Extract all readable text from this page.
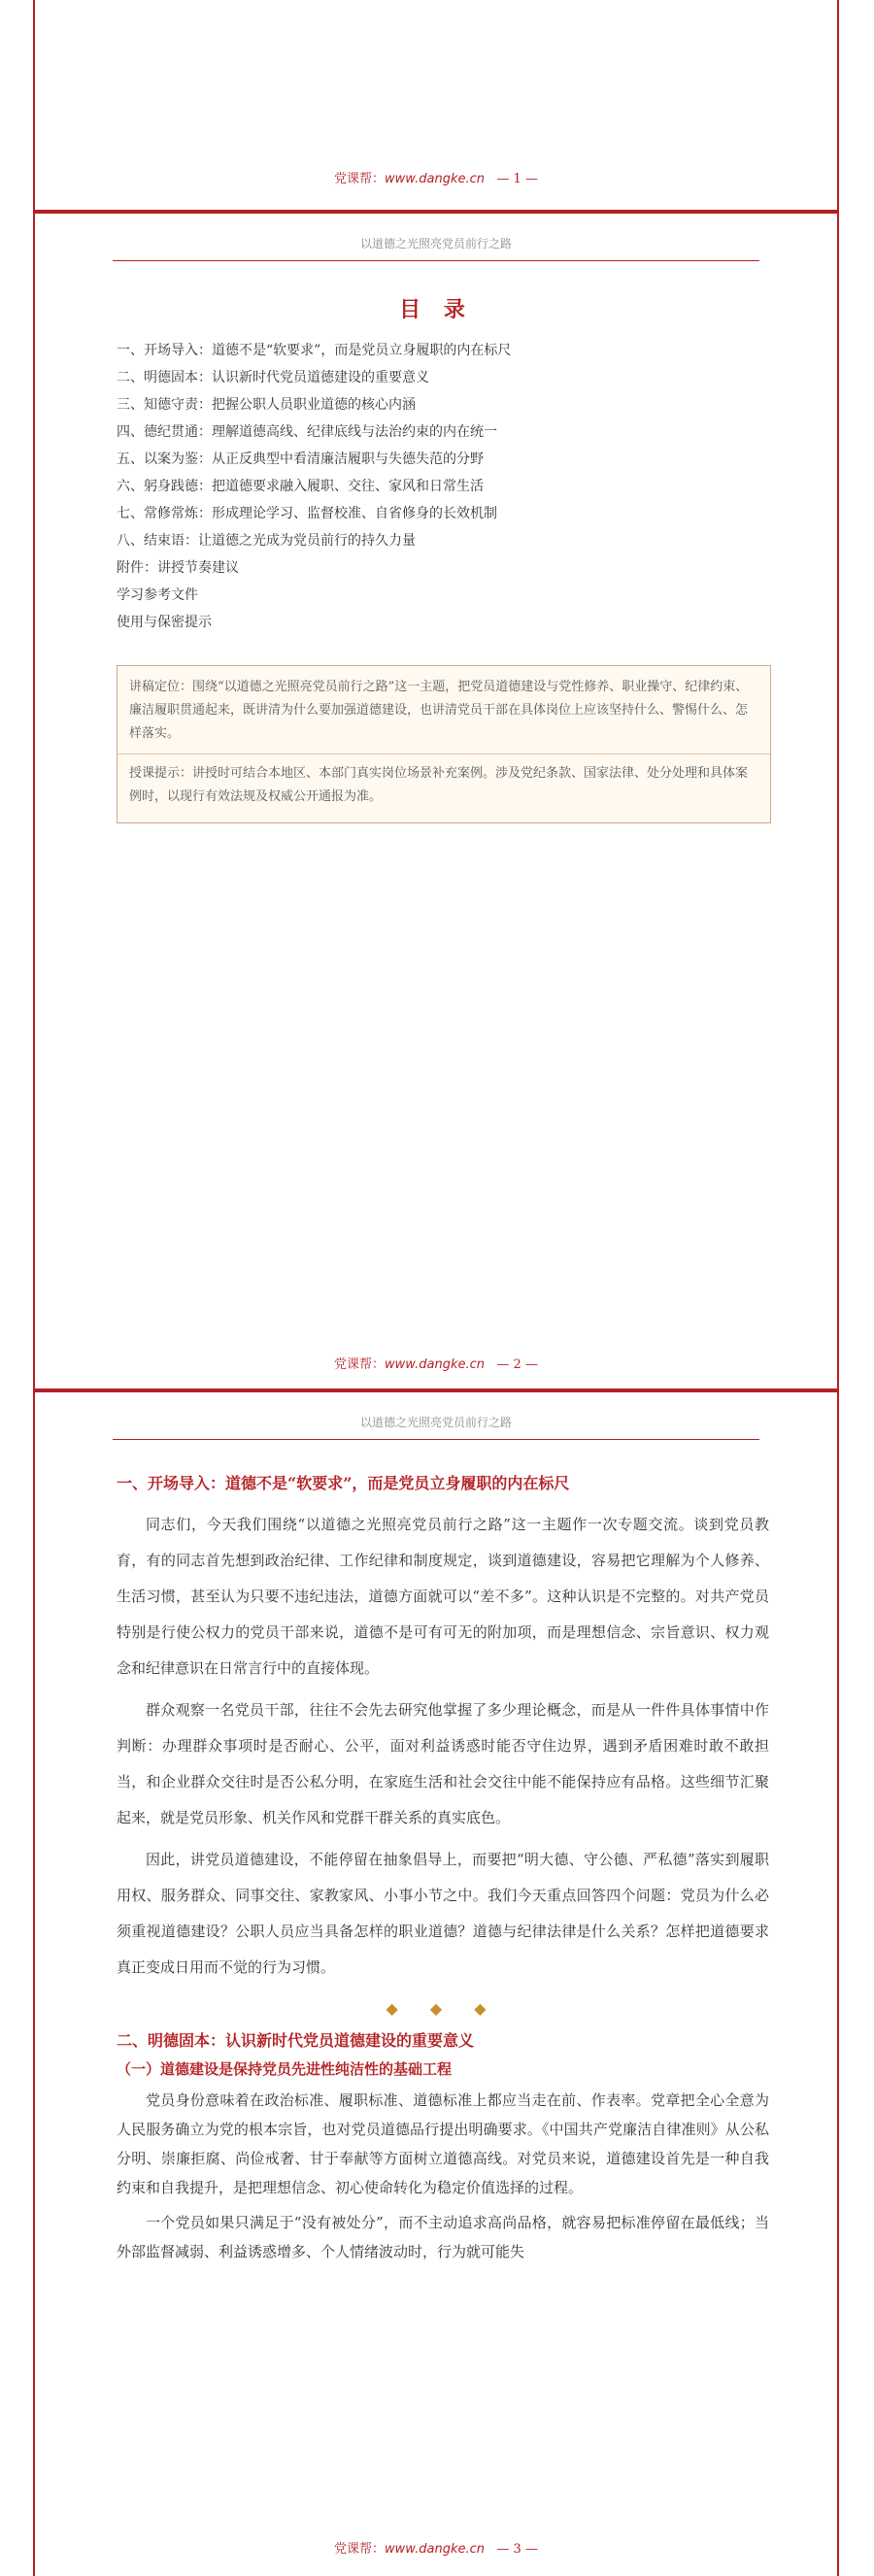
党课帮：www.dangke.cn — 1 —
以道德之光照亮党员前行之路
目 录
一、开场导入：道德不是“软要求”，而是党员立身履职的内在标尺
二、明德固本：认识新时代党员道德建设的重要意义
三、知德守责：把握公职人员职业道德的核心内涵
四、德纪贯通：理解道德高线、纪律底线与法治约束的内在统一
五、以案为鉴：从正反典型中看清廉洁履职与失德失范的分野
六、躬身践德：把道德要求融入履职、交往、家风和日常生活
七、常修常炼：形成理论学习、监督校准、自省修身的长效机制
八、结束语：让道德之光成为党员前行的持久力量
附件：讲授节奏建议
学习参考文件
使用与保密提示
讲稿定位：围绕“以道德之光照亮党员前行之路”这一主题，把党员道德建设与党性修养、职业操守、纪律约束、廉洁履职贯通起来，既讲清为什么要加强道德建设，也讲清党员干部在具体岗位上应该坚持什么、警惕什么、怎样落实。
授课提示：讲授时可结合本地区、本部门真实岗位场景补充案例。涉及党纪条款、国家法律、处分处理和具体案例时，以现行有效法规及权威公开通报为准。
党课帮：www.dangke.cn — 2 —
以道德之光照亮党员前行之路
一、开场导入：道德不是“软要求”，而是党员立身履职的内在标尺

同志们，今天我们围绕“以道德之光照亮党员前行之路”这一主题作一次专题交流。谈到党员教育，有的同志首先想到政治纪律、工作纪律和制度规定，谈到道德建设，容易把它理解为个人修养、生活习惯，甚至认为只要不违纪违法，道德方面就可以“差不多”。这种认识是不完整的。对共产党员特别是行使公权力的党员干部来说，道德不是可有可无的附加项，而是理想信念、宗旨意识、权力观念和纪律意识在日常言行中的直接体现。

群众观察一名党员干部，往往不会先去研究他掌握了多少理论概念，而是从一件件具体事情中作判断：办理群众事项时是否耐心、公平，面对利益诱惑时能否守住边界，遇到矛盾困难时敢不敢担当，和企业群众交往时是否公私分明，在家庭生活和社会交往中能不能保持应有品格。这些细节汇聚起来，就是党员形象、机关作风和党群干群关系的真实底色。

因此，讲党员道德建设，不能停留在抽象倡导上，而要把“明大德、守公德、严私德”落实到履职用权、服务群众、同事交往、家教家风、小事小节之中。我们今天重点回答四个问题：党员为什么必须重视道德建设？公职人员应当具备怎样的职业道德？道德与纪律法律是什么关系？怎样把道德要求真正变成日用而不觉的行为习惯。

◆ ◆ ◆
二、明德固本：认识新时代党员道德建设的重要意义
（一）道德建设是保持党员先进性纯洁性的基础工程

党员身份意味着在政治标准、履职标准、道德标准上都应当走在前、作表率。党章把全心全意为人民服务确立为党的根本宗旨，也对党员道德品行提出明确要求。《中国共产党廉洁自律准则》从公私分明、崇廉拒腐、尚俭戒奢、甘于奉献等方面树立道德高线。对党员来说，道德建设首先是一种自我约束和自我提升，是把理想信念、初心使命转化为稳定价值选择的过程。

一个党员如果只满足于“没有被处分”，而不主动追求高尚品格，就容易把标准停留在最低线；当外部监督减弱、利益诱惑增多、个人情绪波动时，行为就可能失

党课帮：www.dangke.cn — 3 —
